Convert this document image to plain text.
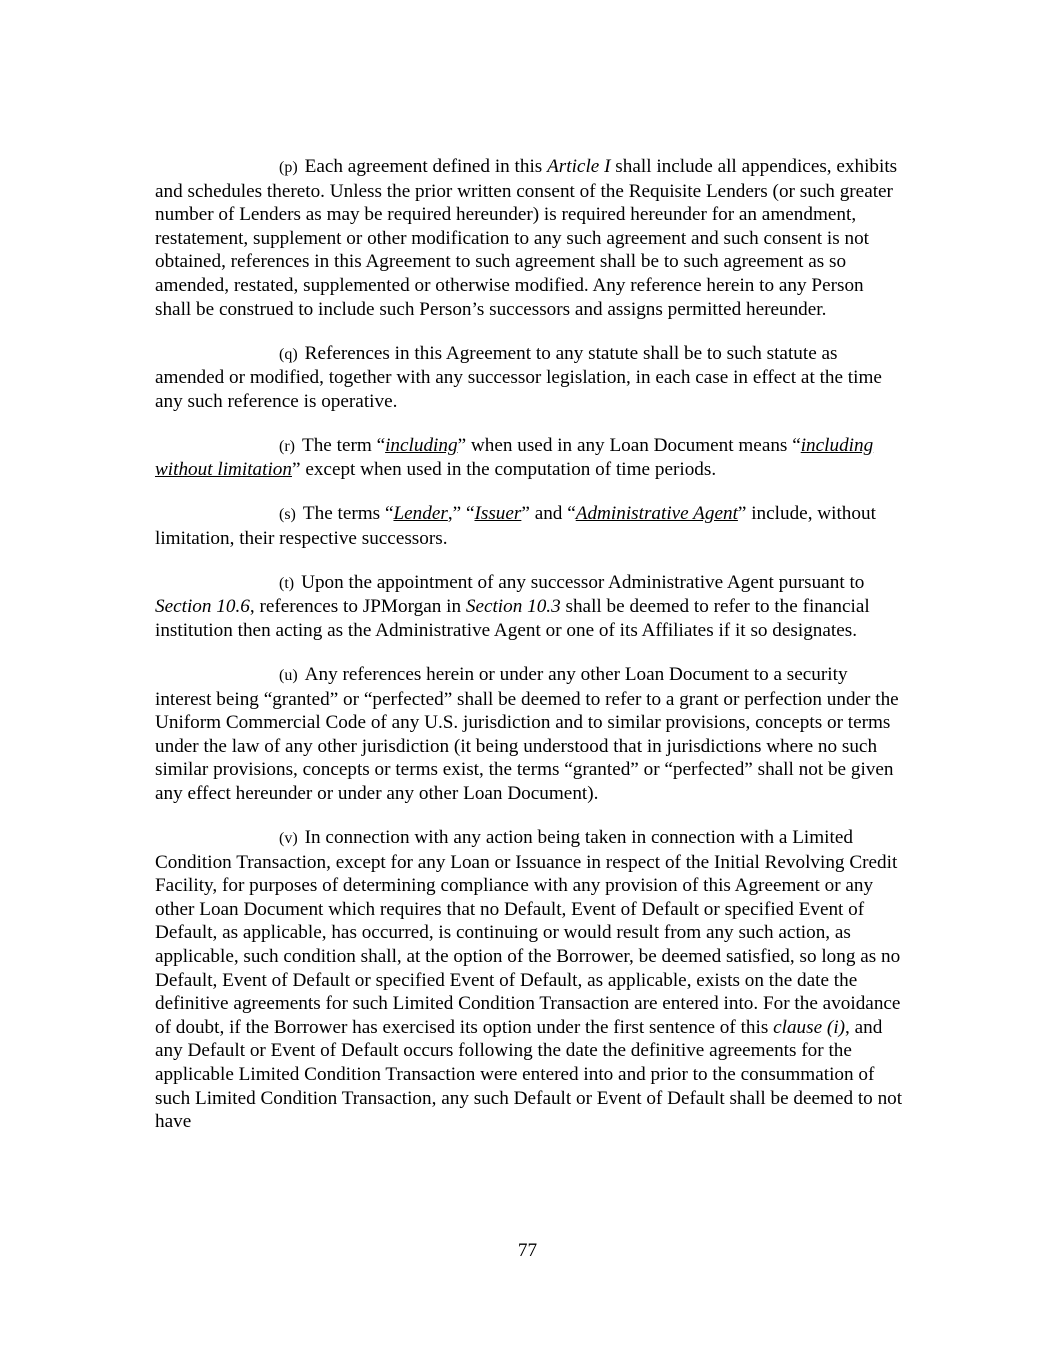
(p) Each agreement defined in this Article I shall include all appendices, exhibits and schedules thereto. Unless the prior written consent of the Requisite Lenders (or such greater number of Lenders as may be required hereunder) is required hereunder for an amendment, restatement, supplement or other modification to any such agreement and such consent is not obtained, references in this Agreement to such agreement shall be to such agreement as so amended, restated, supplemented or otherwise modified. Any reference herein to any Person shall be construed to include such Person’s successors and assigns permitted hereunder.

(q) References in this Agreement to any statute shall be to such statute as amended or modified, together with any successor legislation, in each case in effect at the time any such reference is operative.

(r) The term “including” when used in any Loan Document means “including without limitation” except when used in the computation of time periods.

(s) The terms “Lender,” “Issuer” and “Administrative Agent” include, without limitation, their respective successors.

(t) Upon the appointment of any successor Administrative Agent pursuant to Section 10.6, references to JPMorgan in Section 10.3 shall be deemed to refer to the financial institution then acting as the Administrative Agent or one of its Affiliates if it so designates.

(u) Any references herein or under any other Loan Document to a security interest being “granted” or “perfected” shall be deemed to refer to a grant or perfection under the Uniform Commercial Code of any U.S. jurisdiction and to similar provisions, concepts or terms under the law of any other jurisdiction (it being understood that in jurisdictions where no such similar provisions, concepts or terms exist, the terms “granted” or “perfected” shall not be given any effect hereunder or under any other Loan Document).

(v) In connection with any action being taken in connection with a Limited Condition Transaction, except for any Loan or Issuance in respect of the Initial Revolving Credit Facility, for purposes of determining compliance with any provision of this Agreement or any other Loan Document which requires that no Default, Event of Default or specified Event of Default, as applicable, has occurred, is continuing or would result from any such action, as applicable, such condition shall, at the option of the Borrower, be deemed satisfied, so long as no Default, Event of Default or specified Event of Default, as applicable, exists on the date the definitive agreements for such Limited Condition Transaction are entered into. For the avoidance of doubt, if the Borrower has exercised its option under the first sentence of this clause (i), and any Default or Event of Default occurs following the date the definitive agreements for the applicable Limited Condition Transaction were entered into and prior to the consummation of such Limited Condition Transaction, any such Default or Event of Default shall be deemed to not have

77
